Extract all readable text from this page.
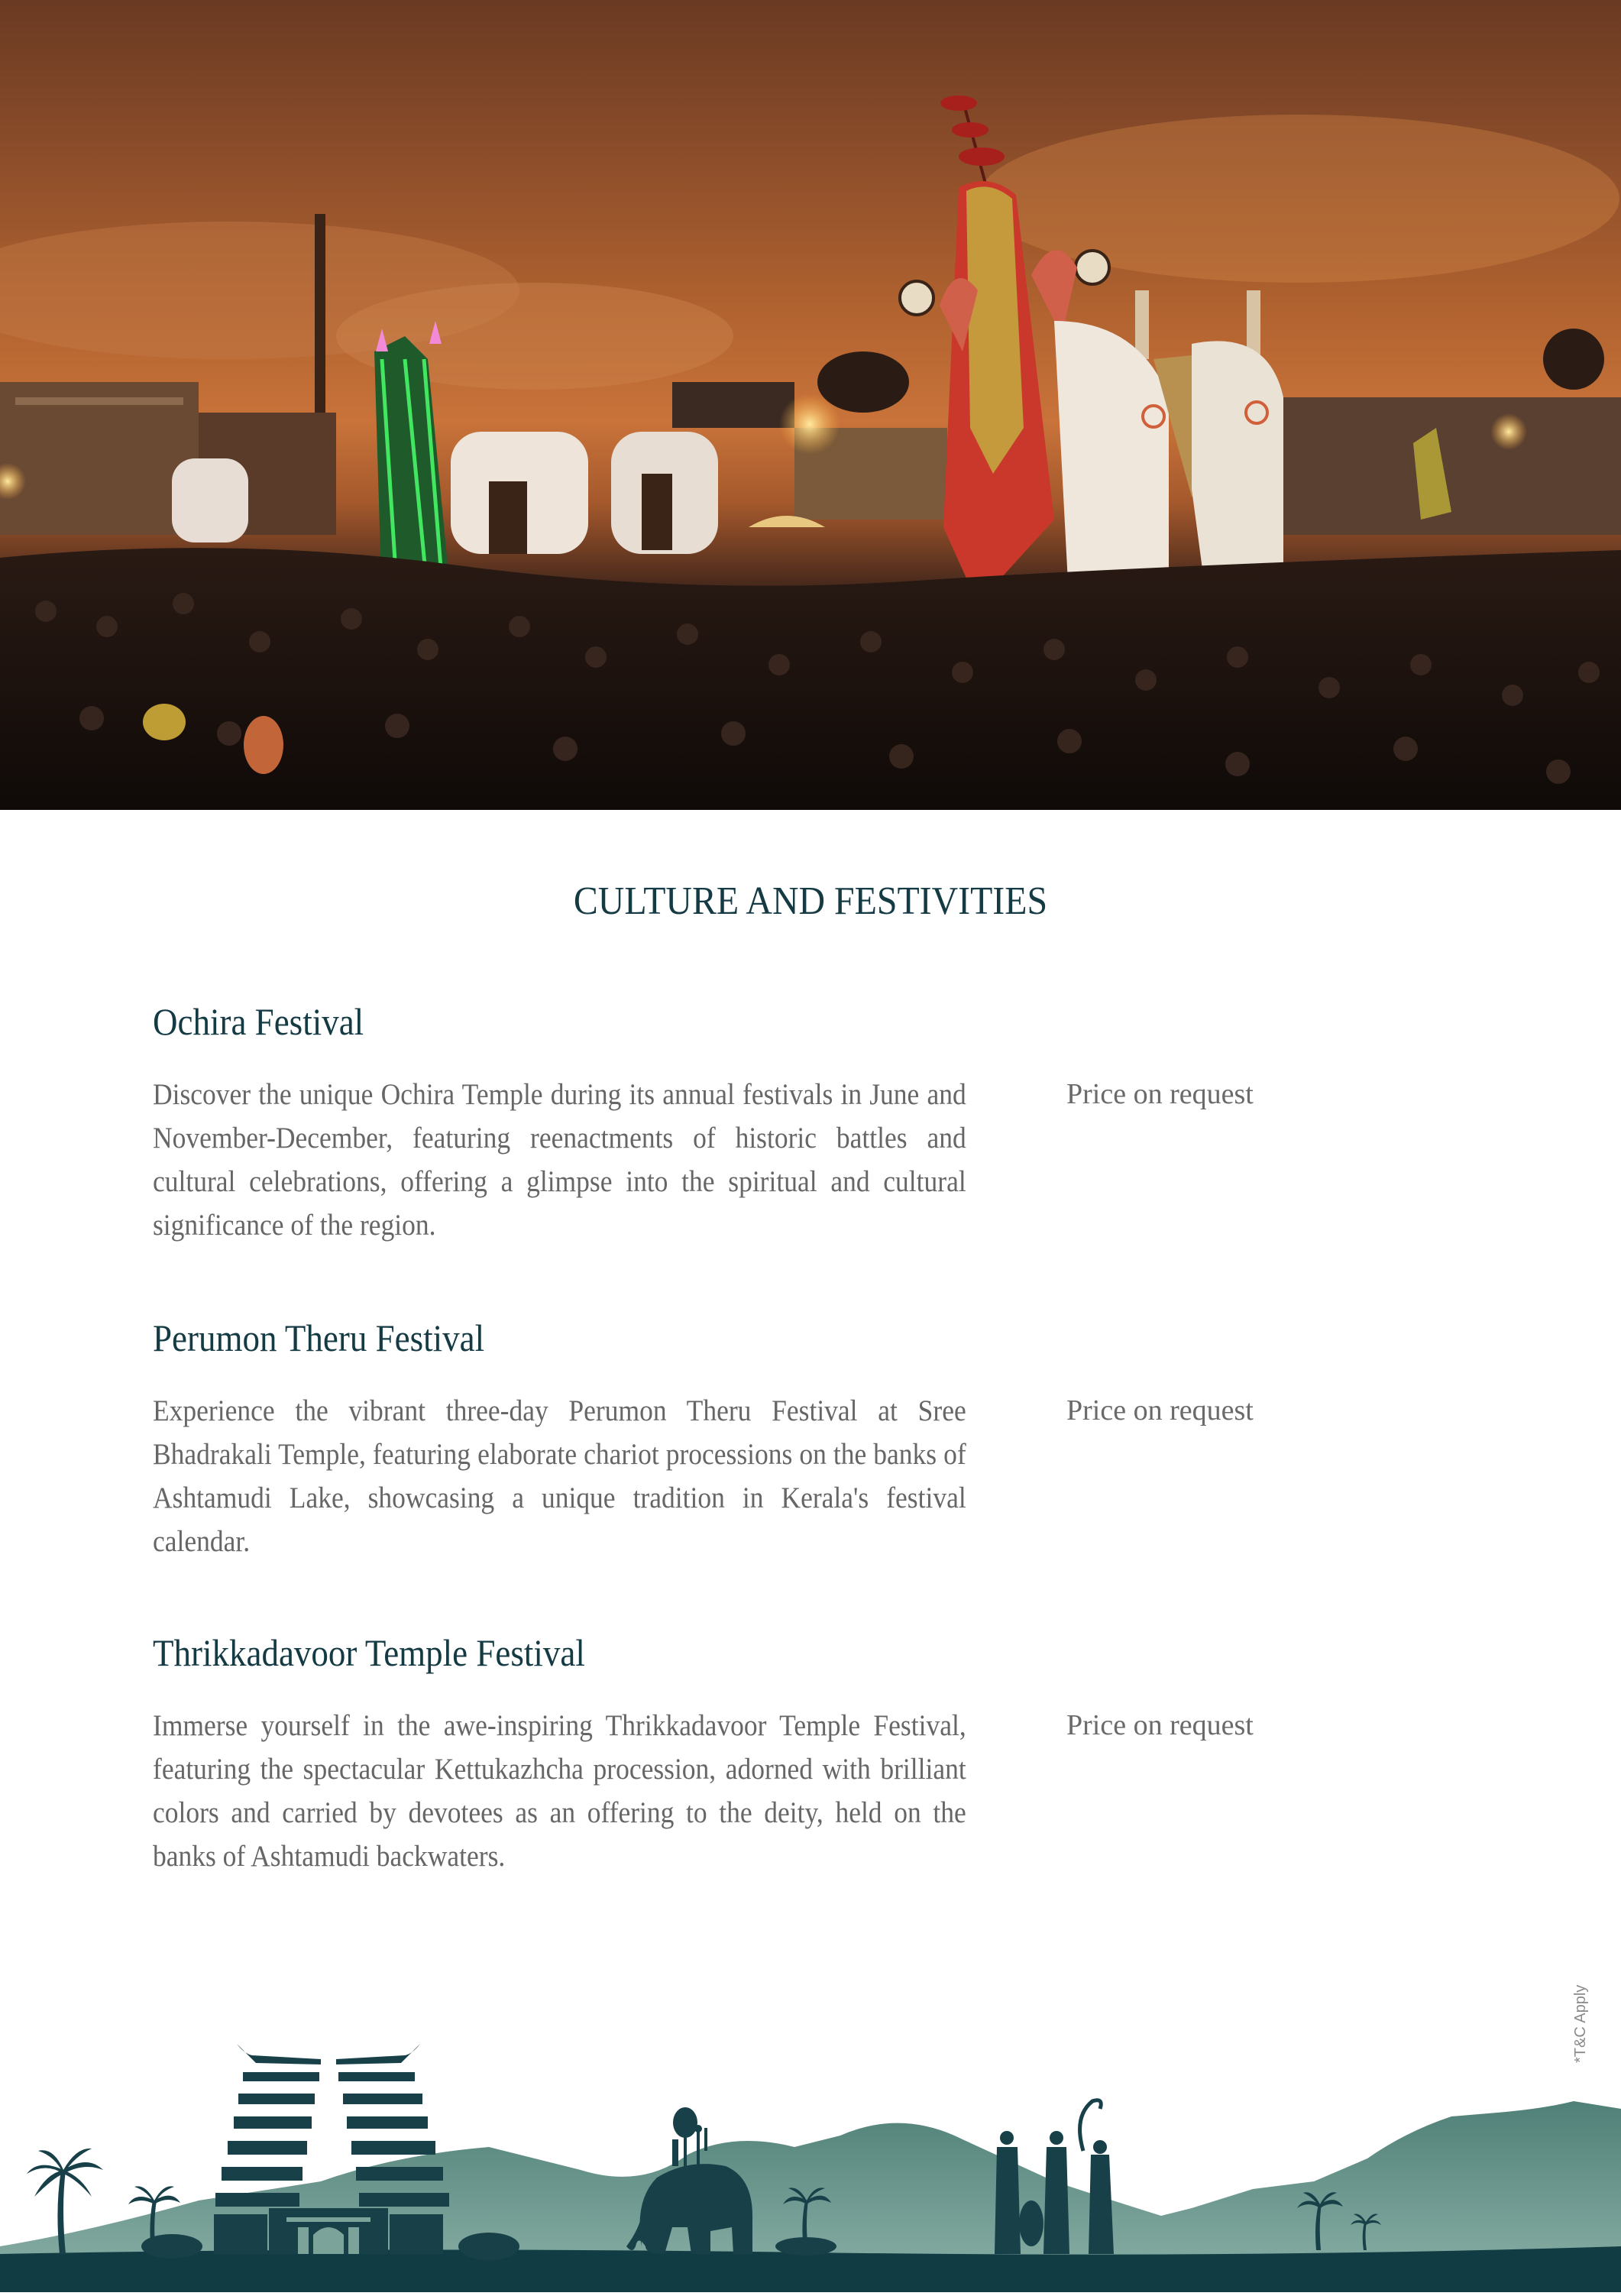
CULTURE AND FESTIVITIES
Ochira Festival
Discover the unique Ochira Temple during its annual festivals in June and November-December, featuring reenactments of historic battles and cultural celebrations, offering a glimpse into the spiritual and cultural significance of the region.
Price on request
Perumon Theru Festival
Experience the vibrant three-day Perumon Theru Festival at Sree Bhadrakali Temple, featuring elaborate chariot processions on the banks of Ashtamudi Lake, showcasing a unique tradition in Kerala's festival calendar.
Price on request
Thrikkadavoor Temple Festival
Immerse yourself in the awe-inspiring Thrikkadavoor Temple Festival, featuring the spectacular Kettukazhcha procession, adorned with brilliant colors and carried by devotees as an offering to the deity, held on the banks of Ashtamudi backwaters.
Price on request
*T&C Apply
